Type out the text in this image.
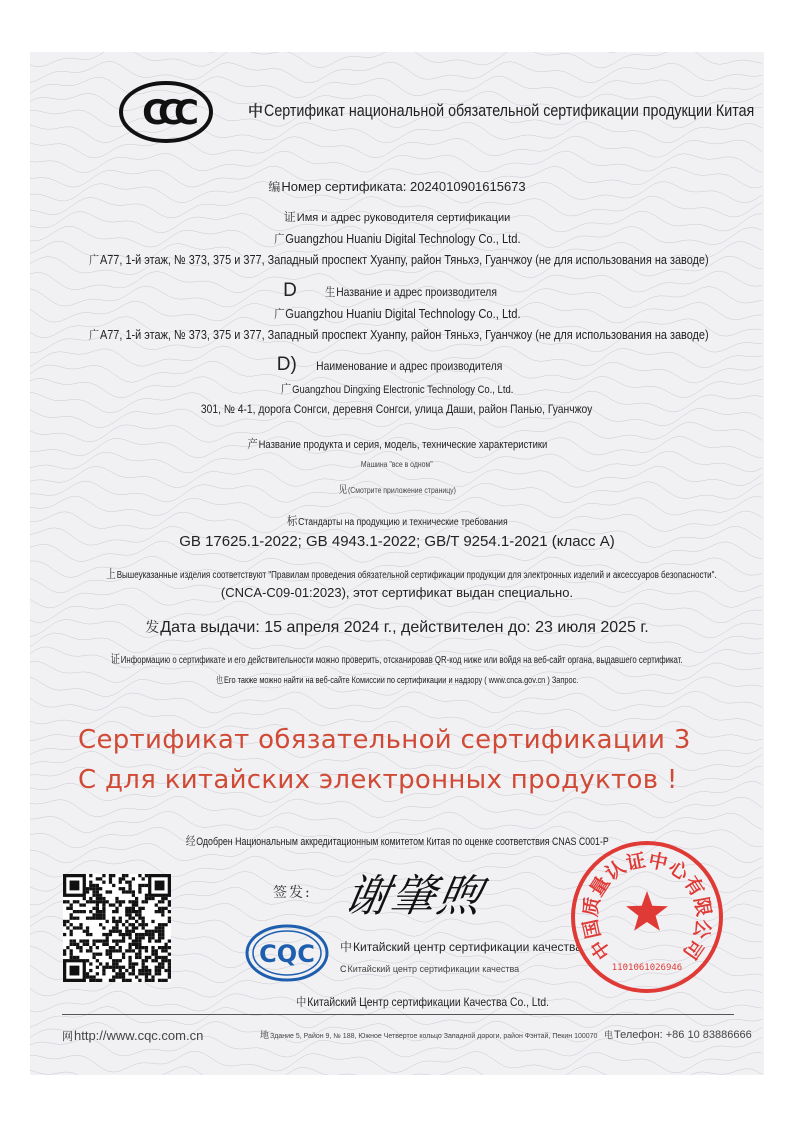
CCC	中Сертификат национальной обязательной сертификации продукции Китая
编Номер сертификата: 2024010901615673
证Имя и адрес руководителя сертификации
广Guangzhou Huaniu Digital Technology Co., Ltd.
广A77, 1-й этаж, № 373, 375 и 377, Западный проспект Хуанпу, район Тяньхэ, Гуанчжоу (не для использования на заводе)
D 生Название и адрес производителя
广Guangzhou Huaniu Digital Technology Co., Ltd.
广A77, 1-й этаж, № 373, 375 и 377, Западный проспект Хуанпу, район Тяньхэ, Гуанчжоу (не для использования на заводе)
D) Наименование и адрес производителя
广Guangzhou Dingxing Electronic Technology Co., Ltd.
301, № 4-1, дорога Сонгси, деревня Сонгси, улица Даши, район Панью, Гуанчжоу
产Название продукта и серия, модель, технические характеристики
Машина "все в одном"
见(Смотрите приложение страницу)
标Стандарты на продукцию и технические требования
GB 17625.1-2022; GB 4943.1-2022; GB/T 9254.1-2021 (класс A)
上Вышеуказанные изделия соответствуют "Правилам проведения обязательной сертификации продукции для электронных изделий и аксессуаров безопасности".
(CNCA-C09-01:2023), этот сертификат выдан специально.
发Дата выдачи: 15 апреля 2024 г., действителен до: 23 июля 2025 г.
证Информацию о сертификате и его действительности можно проверить, отсканировав QR-код ниже или войдя на веб-сайт органа, выдавшего сертификат.
也Его также можно найти на веб-сайте Комиссии по сертификации и надзору ( www.cnca.gov.cn ) Запрос.
Сертификат обязательной сертификации 3
С для китайских электронных продуктов !
经Одобрен Национальным аккредитационным комитетом Китая по оценке соответствия CNAS C001-P
签发: 谢肇煦
CQC 中Китайский центр сертификации качества
CКитайский центр сертификации качества
中Китайский Центр сертификации Качества Co., Ltd.
中
国
质
量
认
证 中
心
有
限
公
司
1101061026946
网http://www.cqc.com.cn	地Здание 5, Район 9, № 188, Южное Четвертое кольцо Западной дороги, район Фэнтай, Пекин 100070 电Телефон: +86 10 83886666
